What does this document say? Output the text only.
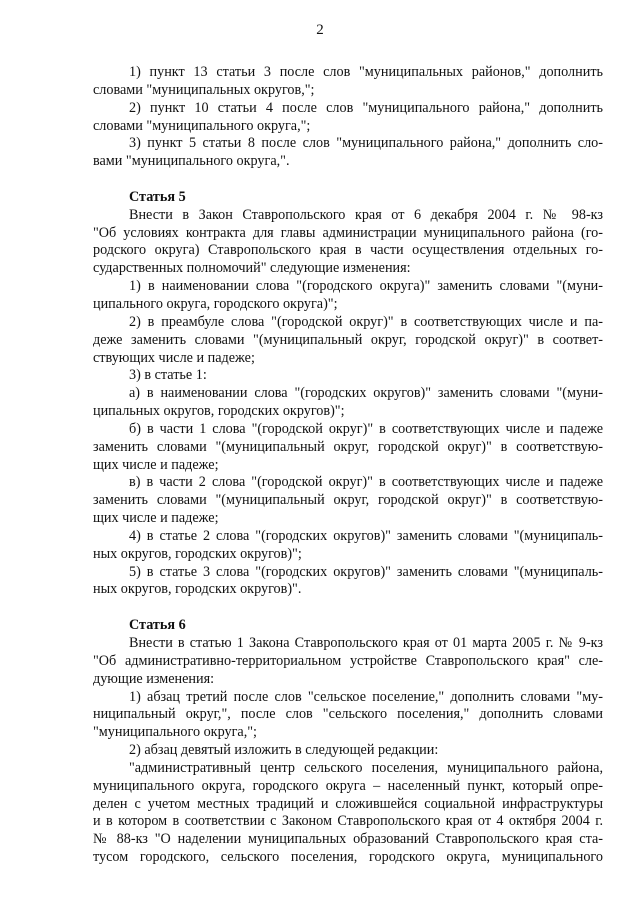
2
1) пункт 13 статьи 3 после слов "муниципальных районов," дополнить
словами "муниципальных округов,";
2) пункт 10 статьи 4 после слов "муниципального района," дополнить
словами "муниципального округа,";
3) пункт 5 статьи 8 после слов "муниципального района," дополнить сло-
вами "муниципального округа,".
Статья 5
Внести в Закон Ставропольского края от 6 декабря 2004 г. № 98-кз
"Об условиях контракта для главы администрации муниципального района (го-
родского округа) Ставропольского края в части осуществления отдельных го-
сударственных полномочий" следующие изменения:
1) в наименовании слова "(городского округа)" заменить словами "(муни-
ципального округа, городского округа)";
2) в преамбуле слова "(городской округ)" в соответствующих числе и па-
деже заменить словами "(муниципальный округ, городской округ)" в соответ-
ствующих числе и падеже;
3) в статье 1:
а) в наименовании слова "(городских округов)" заменить словами "(муни-
ципальных округов, городских округов)";
б) в части 1 слова "(городской округ)" в соответствующих числе и падеже
заменить словами "(муниципальный округ, городской округ)" в соответствую-
щих числе и падеже;
в) в части 2 слова "(городской округ)" в соответствующих числе и падеже
заменить словами "(муниципальный округ, городской округ)" в соответствую-
щих числе и падеже;
4) в статье 2 слова "(городских округов)" заменить словами "(муниципаль-
ных округов, городских округов)";
5) в статье 3 слова "(городских округов)" заменить словами "(муниципаль-
ных округов, городских округов)".
Статья 6
Внести в статью 1 Закона Ставропольского края от 01 марта 2005 г. № 9-кз
"Об административно-территориальном устройстве Ставропольского края" сле-
дующие изменения:
1) абзац третий после слов "сельское поселение," дополнить словами "му-
ниципальный округ,", после слов "сельского поселения," дополнить словами
"муниципального округа,";
2) абзац девятый изложить в следующей редакции:
"административный центр сельского поселения, муниципального района,
муниципального округа, городского округа – населенный пункт, который опре-
делен с учетом местных традиций и сложившейся социальной инфраструктуры
и в котором в соответствии с Законом Ставропольского края от 4 октября 2004 г.
№ 88-кз "О наделении муниципальных образований Ставропольского края ста-
тусом городского, сельского поселения, городского округа, муниципального
